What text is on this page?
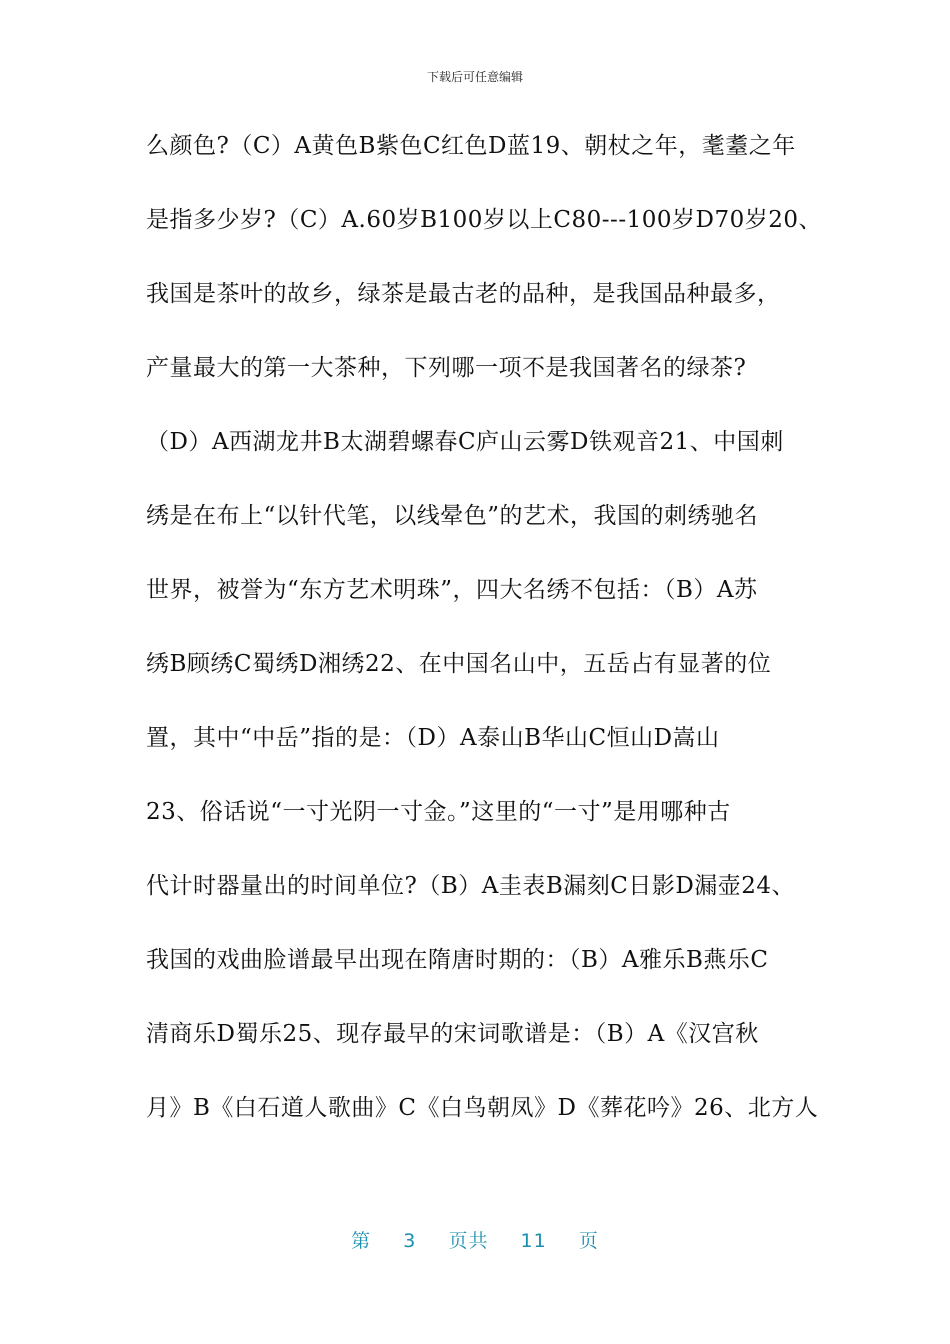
下载后可任意编辑
么颜色?（C）A黄色B紫色C红色D蓝19、朝杖之年，耄耋之年
是指多少岁?（C）A.60岁B100岁以上C80---100岁D70岁20、
我国是茶叶的故乡，绿茶是最古老的品种，是我国品种最多，
产量最大的第一大茶种，下列哪一项不是我国著名的绿茶?
（D）A西湖龙井B太湖碧螺春C庐山云雾D铁观音21、中国刺
绣是在布上“以针代笔，以线晕色”的艺术，我国的刺绣驰名
世界，被誉为“东方艺术明珠”，四大名绣不包括：（B）A苏
绣B顾绣C蜀绣D湘绣22、在中国名山中，五岳占有显著的位
置，其中“中岳”指的是：（D）A泰山B华山C恒山D嵩山
23、俗话说“一寸光阴一寸金。”这里的“一寸”是用哪种古
代计时器量出的时间单位?（B）A圭表B漏刻C日影D漏壶24、
我国的戏曲脸谱最早出现在隋唐时期的：（B）A雅乐B燕乐C
清商乐D蜀乐25、现存最早的宋词歌谱是：（B）A《汉宫秋
月》B《白石道人歌曲》C《白鸟朝凤》D《葬花吟》26、北方人
第 3 页共 11 页
